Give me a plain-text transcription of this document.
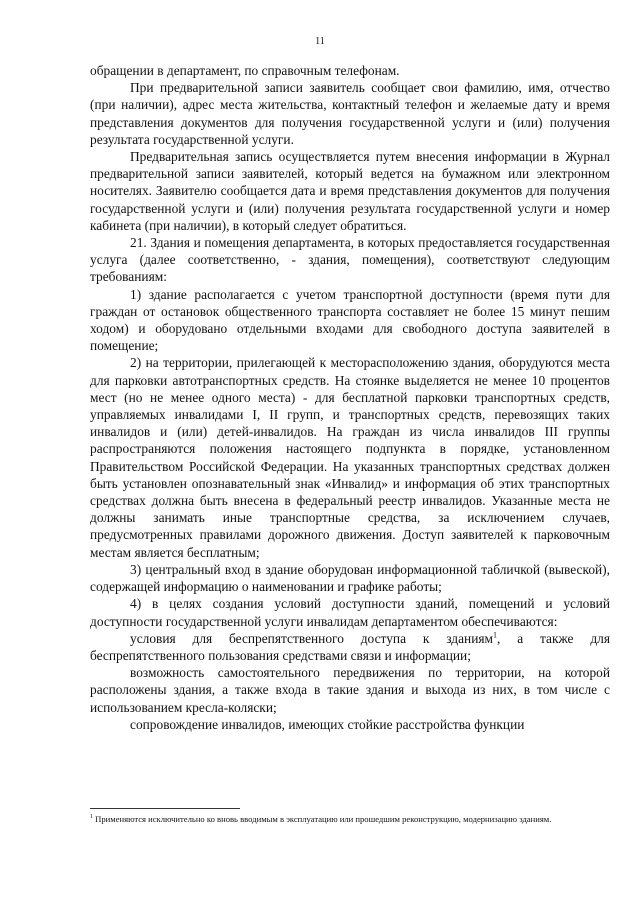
11

обращении в департамент, по справочным телефонам.

При предварительной записи заявитель сообщает свои фамилию, имя, отчество (при наличии), адрес места жительства, контактный телефон и желаемые дату и время представления документов для получения государственной услуги и (или) получения результата государственной услуги.

Предварительная запись осуществляется путем внесения информации в Журнал предварительной записи заявителей, который ведется на бумажном или электронном носителях. Заявителю сообщается дата и время представления документов для получения государственной услуги и (или) получения результата государственной услуги и номер кабинета (при наличии), в который следует обратиться.

21. Здания и помещения департамента, в которых предоставляется государственная услуга (далее соответственно, - здания, помещения), соответствуют следующим требованиям:

1) здание располагается с учетом транспортной доступности (время пути для граждан от остановок общественного транспорта составляет не более 15 минут пешим ходом) и оборудовано отдельными входами для свободного доступа заявителей в помещение;

2) на территории, прилегающей к месторасположению здания, оборудуются места для парковки автотранспортных средств. На стоянке выделяется не менее 10 процентов мест (но не менее одного места) - для бесплатной парковки транспортных средств, управляемых инвалидами I, II групп, и транспортных средств, перевозящих таких инвалидов и (или) детей-инвалидов. На граждан из числа инвалидов III группы распространяются положения настоящего подпункта в порядке, установленном Правительством Российской Федерации. На указанных транспортных средствах должен быть установлен опознавательный знак «Инвалид» и информация об этих транспортных средствах должна быть внесена в федеральный реестр инвалидов. Указанные места не должны занимать иные транспортные средства, за исключением случаев, предусмотренных правилами дорожного движения. Доступ заявителей к парковочным местам является бесплатным;

3) центральный вход в здание оборудован информационной табличкой (вывеской), содержащей информацию о наименовании и графике работы;

4) в целях создания условий доступности зданий, помещений и условий доступности государственной услуги инвалидам департаментом обеспечиваются:

условия для беспрепятственного доступа к зданиям$^1$, а также для беспрепятственного пользования средствами связи и информации;

возможность самостоятельного передвижения по территории, на которой расположены здания, а также входа в такие здания и выхода из них, в том числе с использованием кресла-коляски;

сопровождение инвалидов, имеющих стойкие расстройства функции

$^1$ Применяются исключительно ко вновь вводимым в эксплуатацию или прошедшим реконструкцию, модернизацию зданиям.
